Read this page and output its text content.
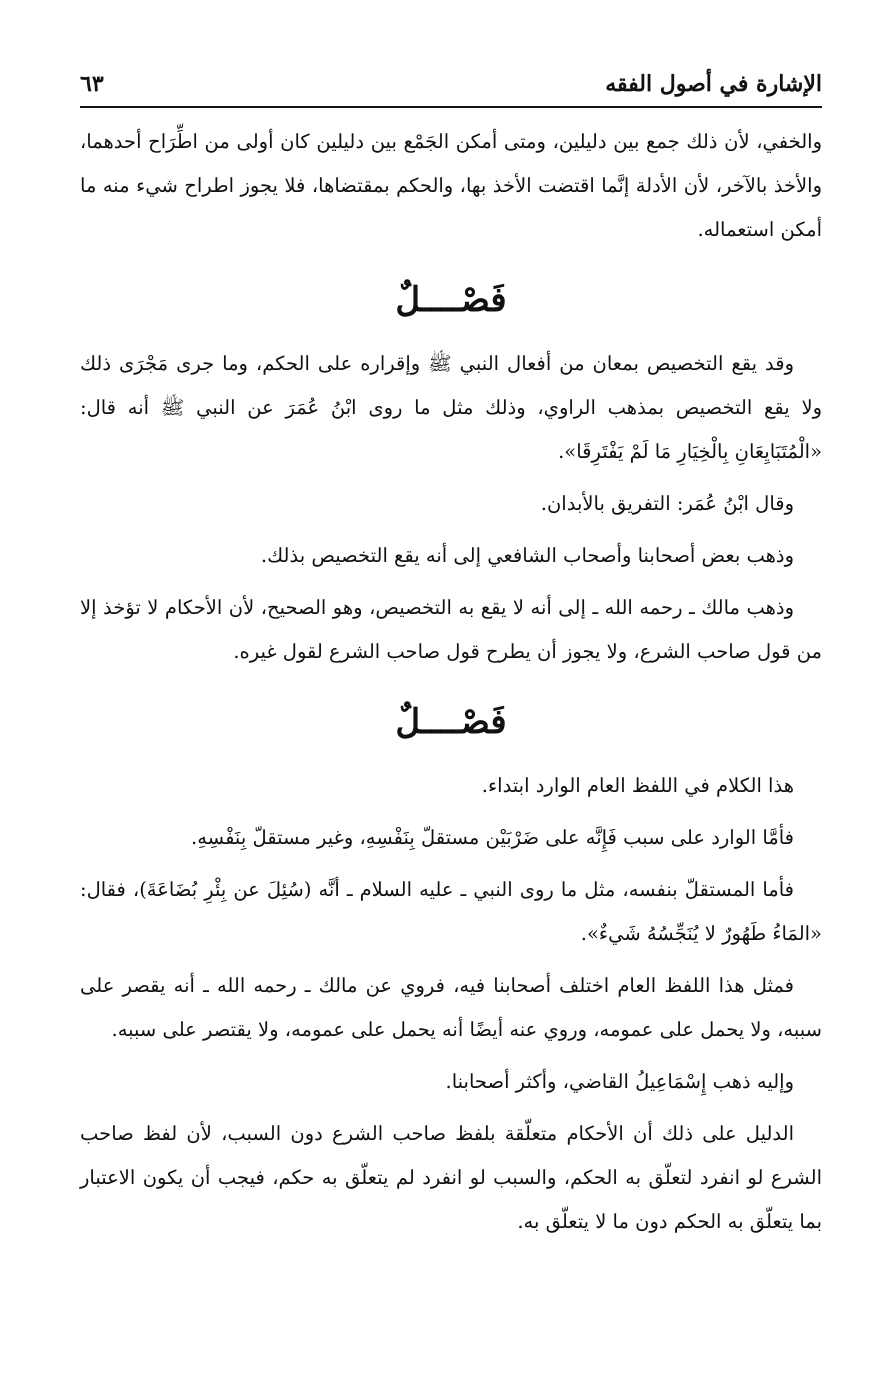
٦٣	الإشارة في أصول الفقه

والخفي، لأن ذلك جمع بين دليلين، ومتى أمكن الجَمْع بين دليلين كان أولى من اطِّرَاح أحدهما، والأخذ بالآخر، لأن الأدلة إنَّما اقتضت الأخذ بها، والحكم بمقتضاها، فلا يجوز اطراح شيء منه ما أمكن استعماله.

فَصْــــلٌ

وقد يقع التخصيص بمعان من أفعال النبي ﷺ وإقراره على الحكم، وما جرى مَجْرَى ذلك ولا يقع التخصيص بمذهب الراوي، وذلك مثل ما روى ابْنُ عُمَرَ عن النبي ﷺ أنه قال: «الْمُتَبَايِعَانِ بِالْخِيَارِ مَا لَمْ يَفْتَرِقَا».

وقال ابْنُ عُمَر: التفريق بالأبدان.

وذهب بعض أصحابنا وأصحاب الشافعي إلى أنه يقع التخصيص بذلك.

وذهب مالك ـ رحمه الله ـ إلى أنه لا يقع به التخصيص، وهو الصحيح، لأن الأحكام لا تؤخذ إلا من قول صاحب الشرع، ولا يجوز أن يطرح قول صاحب الشرع لقول غيره.

فَصْــــلٌ

هذا الكلام في اللفظ العام الوارد ابتداء.

فأمَّا الوارد على سبب فَإِنَّه على ضَرْبَيْن مستقلّ بِنَفْسِهِ، وغير مستقلّ بِنَفْسِهِ.

فأما المستقلّ بنفسه، مثل ما روى النبي ـ عليه السلام ـ أنَّه (سُئِلَ عن بِئْرِ بُضَاعَةَ)، فقال: «المَاءُ طَهُورٌ لا يُنَجِّسُهُ شَيءٌ».

فمثل هذا اللفظ العام اختلف أصحابنا فيه، فروي عن مالك ـ رحمه الله ـ أنه يقصر على سببه، ولا يحمل على عمومه، وروي عنه أيضًا أنه يحمل على عمومه، ولا يقتصر على سببه.

وإليه ذهب إِسْمَاعِيلُ القاضي، وأكثر أصحابنا.

الدليل على ذلك أن الأحكام متعلّقة بلفظ صاحب الشرع دون السبب، لأن لفظ صاحب الشرع لو انفرد لتعلّق به الحكم، والسبب لو انفرد لم يتعلّق به حكم، فيجب أن يكون الاعتبار بما يتعلّق به الحكم دون ما لا يتعلّق به.
